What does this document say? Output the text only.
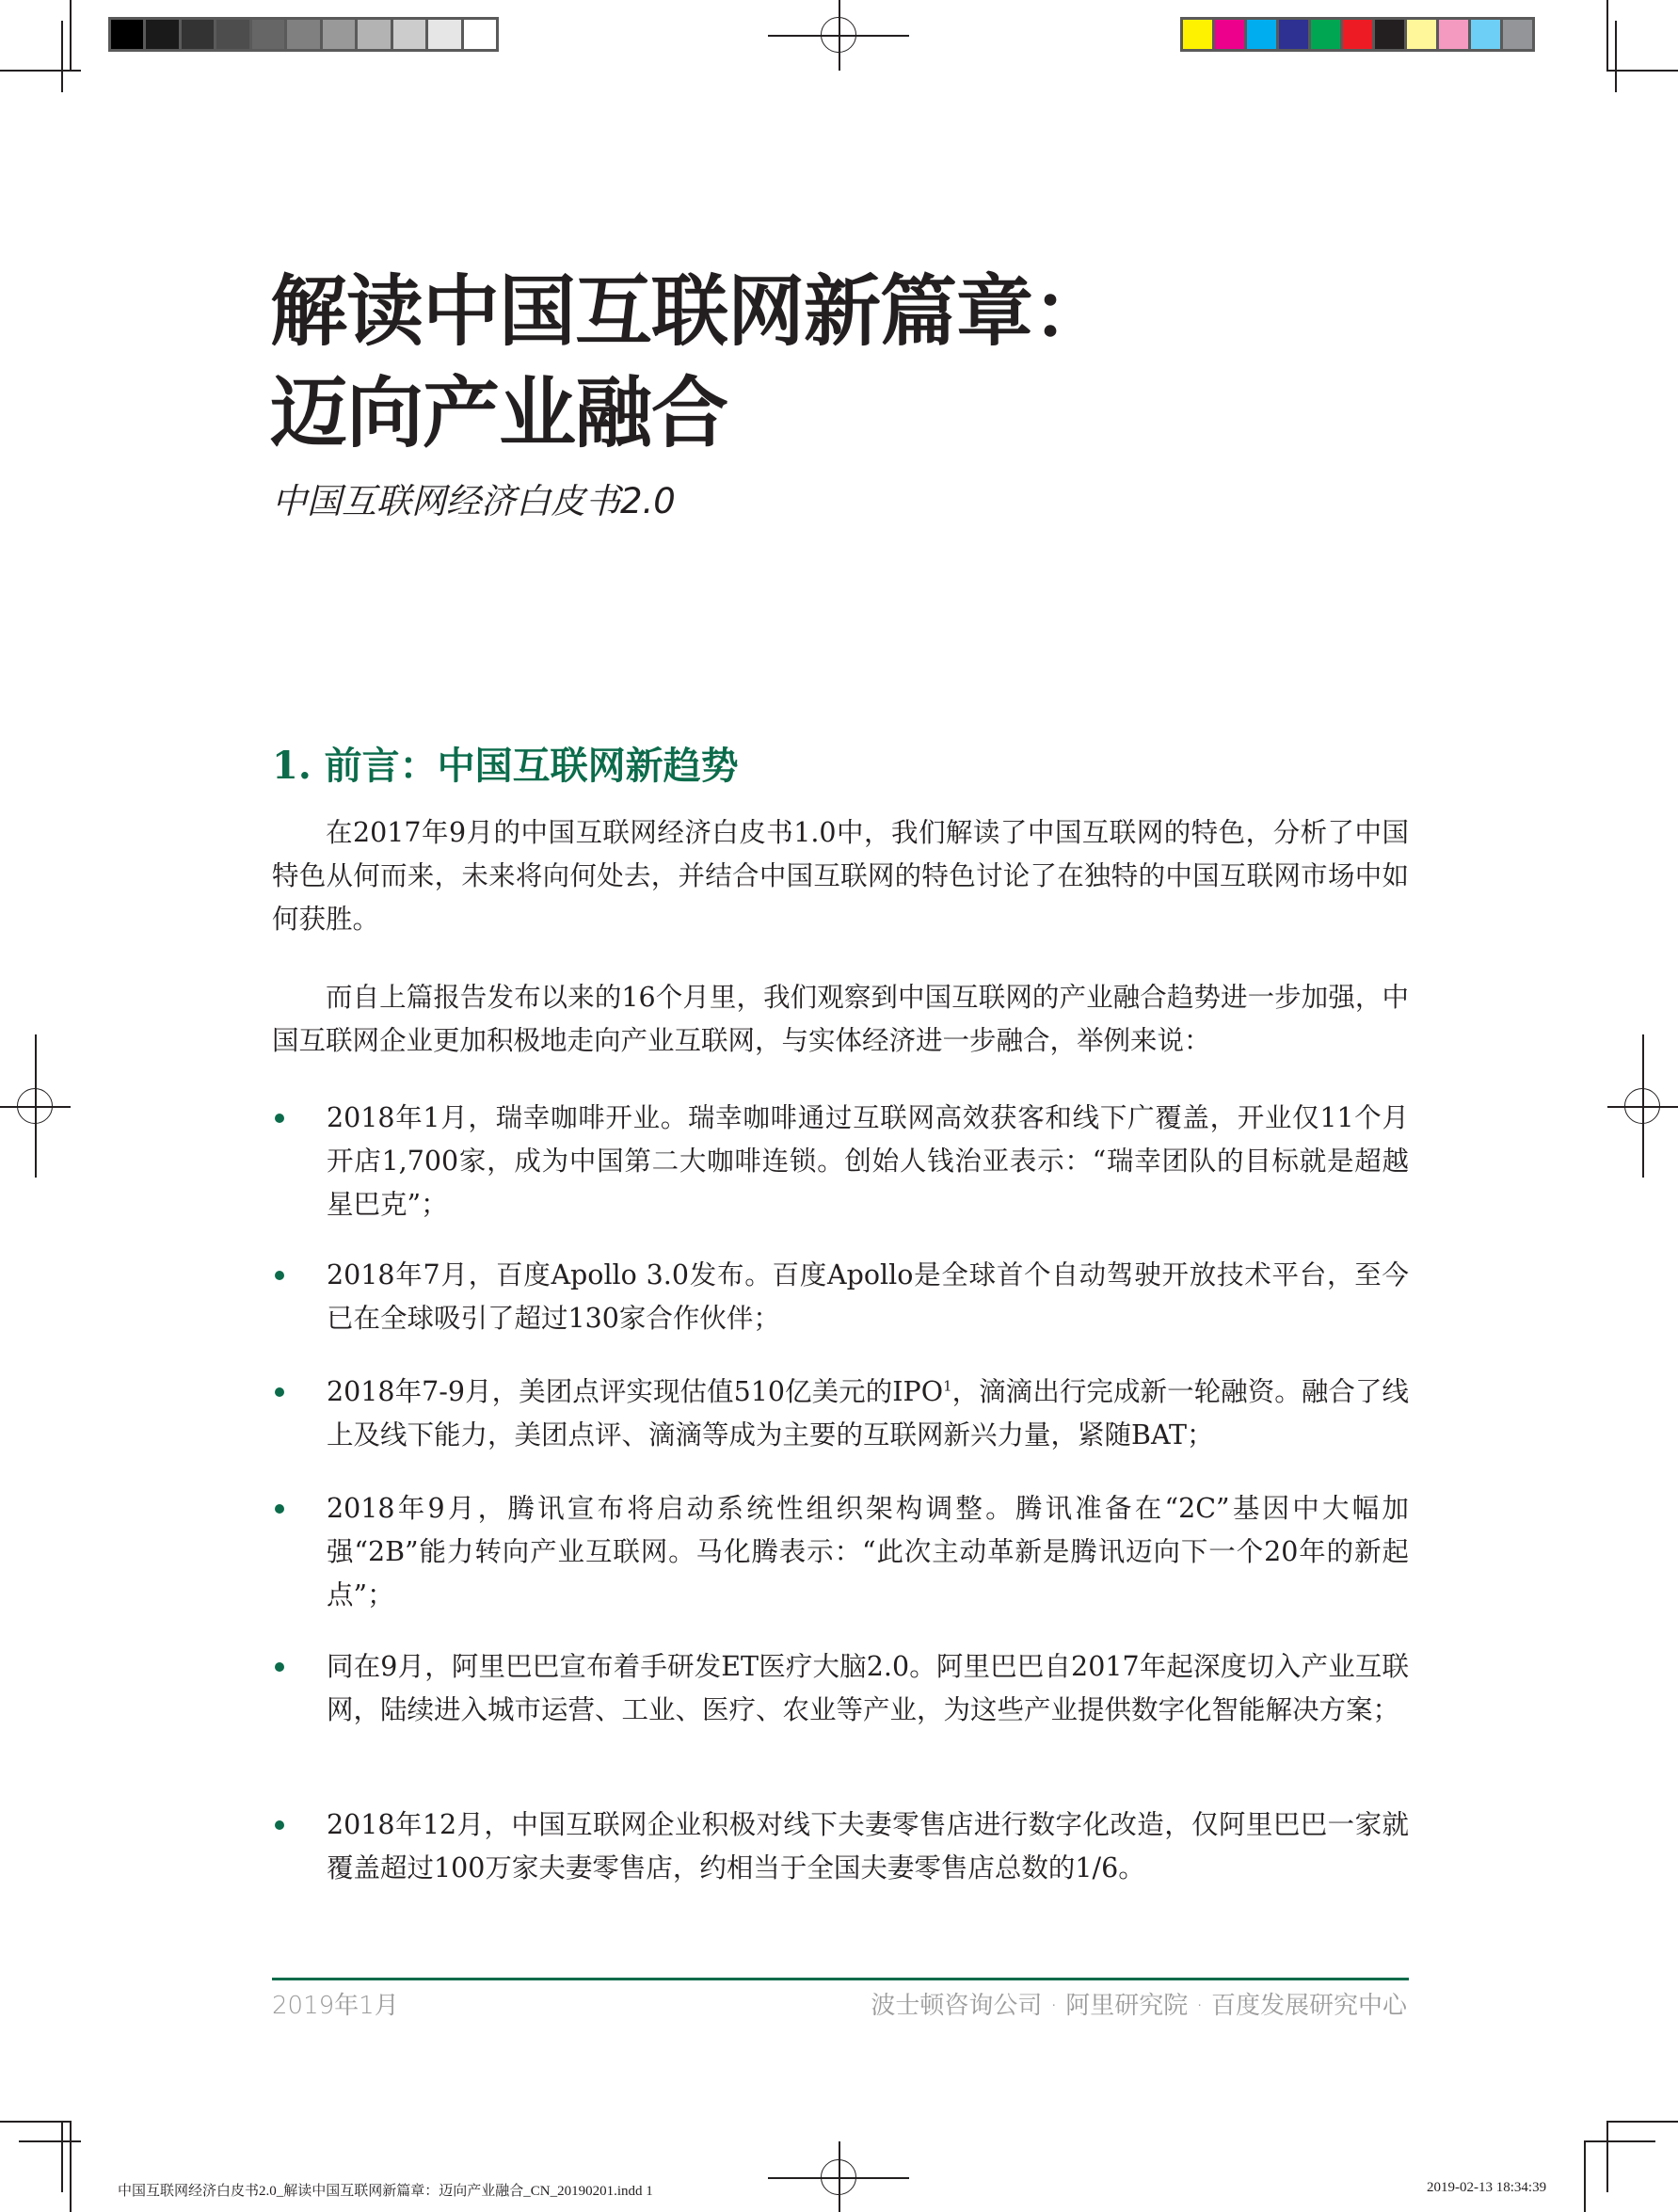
解读中国互联网新篇章：
迈向产业融合
中国互联网经济白皮书2.0
1. 前言：中国互联网新趋势
在2017年9月的中国互联网经济白皮书1.0中，我们解读了中国互联网的特色，分析了中国特色从何而来，未来将向何处去，并结合中国互联网的特色讨论了在独特的中国互联网市场中如何获胜。
而自上篇报告发布以来的16个月里，我们观察到中国互联网的产业融合趋势进一步加强，中国互联网企业更加积极地走向产业互联网，与实体经济进一步融合，举例来说：
2018年1月，瑞幸咖啡开业。瑞幸咖啡通过互联网高效获客和线下广覆盖，开业仅11个月开店1,700家，成为中国第二大咖啡连锁。创始人钱治亚表示：“瑞幸团队的目标就是超越星巴克”；
2018年7月，百度Apollo 3.0发布。百度Apollo是全球首个自动驾驶开放技术平台，至今已在全球吸引了超过130家合作伙伴；
2018年7-9月，美团点评实现估值510亿美元的IPO$^1$，滴滴出行完成新一轮融资。融合了线上及线下能力，美团点评、滴滴等成为主要的互联网新兴力量，紧随BAT；
2018年9月，腾讯宣布将启动系统性组织架构调整。腾讯准备在“2C”基因中大幅加强“2B”能力转向产业互联网。马化腾表示：“此次主动革新是腾讯迈向下一个20年的新起点”；
同在9月，阿里巴巴宣布着手研发ET医疗大脑2.0。阿里巴巴自2017年起深度切入产业互联网，陆续进入城市运营、工业、医疗、农业等产业，为这些产业提供数字化智能解决方案；
2018年12月，中国互联网企业积极对线下夫妻零售店进行数字化改造，仅阿里巴巴一家就覆盖超过100万家夫妻零售店，约相当于全国夫妻零售店总数的1/6。
2019年1月	波士顿咨询公司 · 阿里研究院 · 百度发展研究中心
中国互联网经济白皮书2.0_解读中国互联网新篇章：迈向产业融合_CN_20190201.indd 1	2019-02-13 18:34:39
